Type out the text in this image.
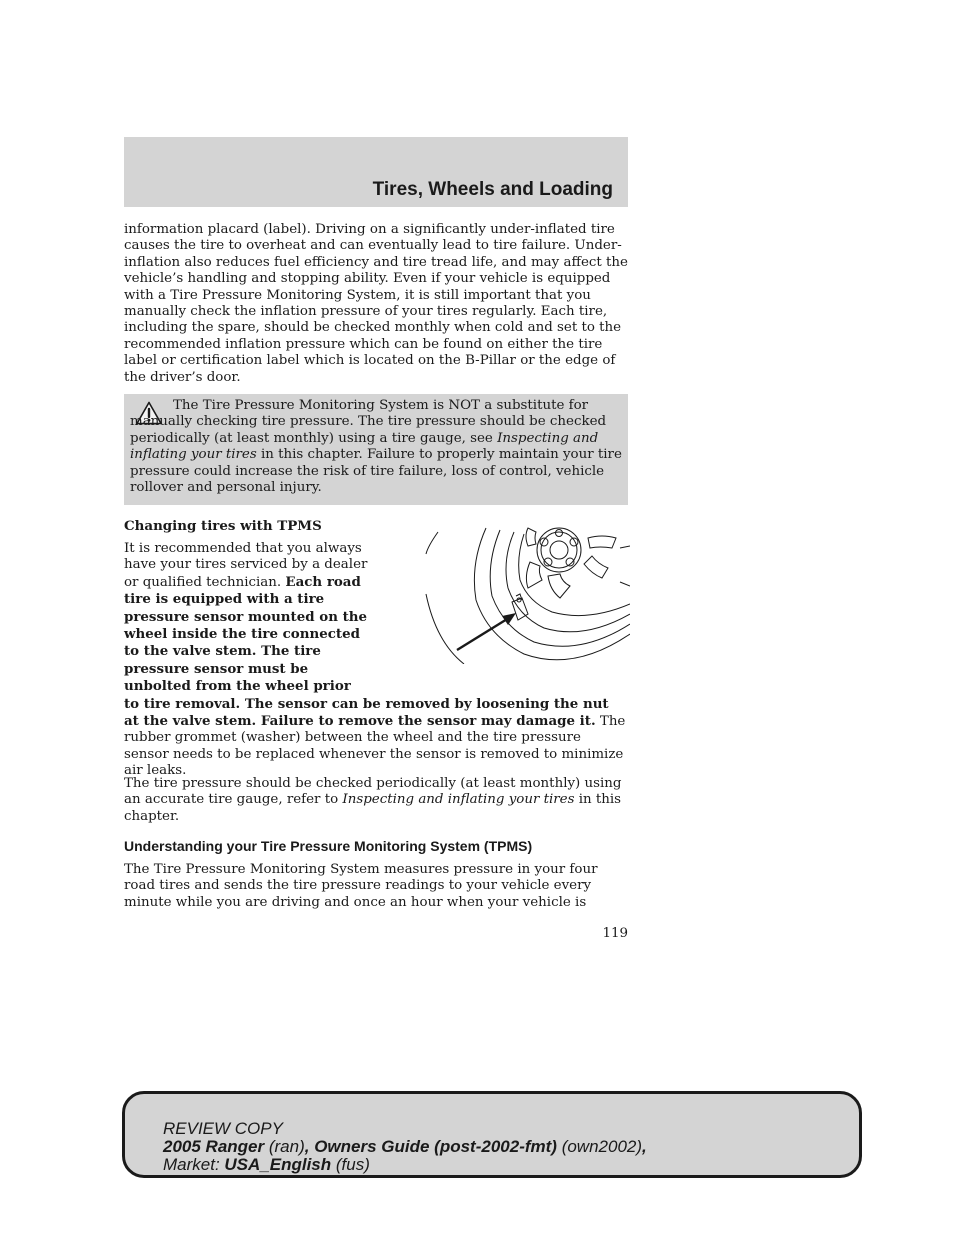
Tires, Wheels and Loading

information placard (label). Driving on a significantly under-inflated tire causes the tire to overheat and can eventually lead to tire failure. Under-inflation also reduces fuel efficiency and tire tread life, and may affect the vehicle’s handling and stopping ability. Even if your vehicle is equipped with a Tire Pressure Monitoring System, it is still important that you manually check the inflation pressure of your tires regularly. Each tire, including the spare, should be checked monthly when cold and set to the recommended inflation pressure which can be found on either the tire label or certification label which is located on the B-Pillar or the edge of the driver’s door.

The Tire Pressure Monitoring System is NOT a substitute for manually checking tire pressure. The tire pressure should be checked periodically (at least monthly) using a tire gauge, see Inspecting and inflating your tires in this chapter. Failure to properly maintain your tire pressure could increase the risk of tire failure, loss of control, vehicle rollover and personal injury.

Changing tires with TPMS

It is recommended that you always have your tires serviced by a dealer or qualified technician. Each road tire is equipped with a tire pressure sensor mounted on the wheel inside the tire connected to the valve stem. The tire pressure sensor must be unbolted from the wheel prior to tire removal. The sensor can be removed by loosening the nut at the valve stem. Failure to remove the sensor may damage it. The rubber grommet (washer) between the wheel and the tire pressure sensor needs to be replaced whenever the sensor is removed to minimize air leaks.

The tire pressure should be checked periodically (at least monthly) using an accurate tire gauge, refer to Inspecting and inflating your tires in this chapter.

Understanding your Tire Pressure Monitoring System (TPMS)

The Tire Pressure Monitoring System measures pressure in your four road tires and sends the tire pressure readings to your vehicle every minute while you are driving and once an hour when your vehicle is

119
REVIEW COPY
2005 Ranger (ran), Owners Guide (post-2002-fmt) (own2002),
Market: USA_English (fus)
